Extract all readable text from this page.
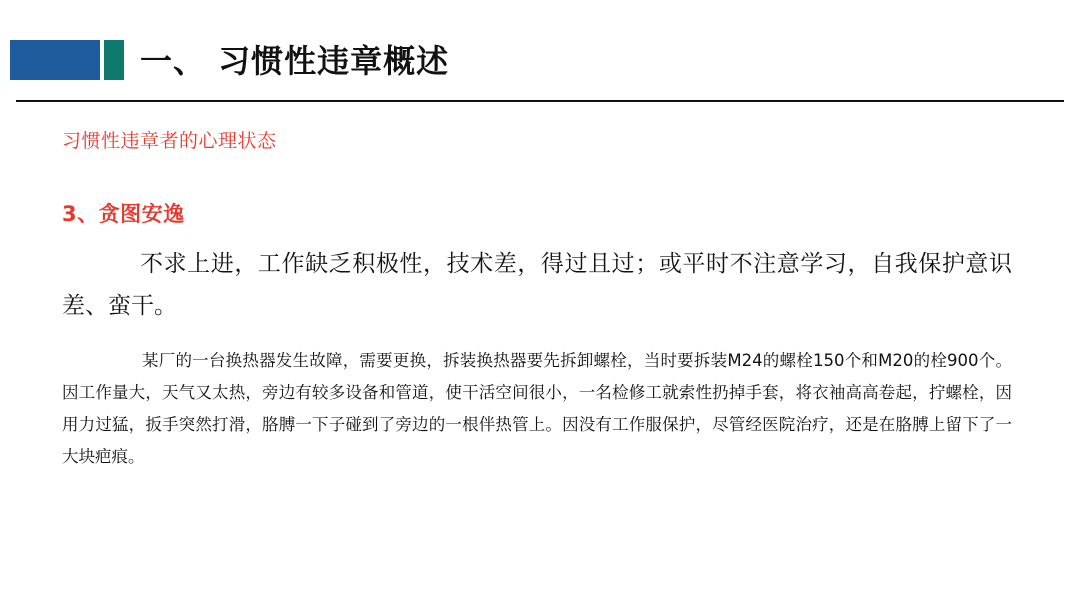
一、 习惯性违章概述
习惯性违章者的心理状态
3、贪图安逸
不求上进，工作缺乏积极性，技术差，得过且过；或平时不注意学习，自我保护意识差、蛮干。
某厂的一台换热器发生故障，需要更换，拆装换热器要先拆卸螺栓，当时要拆装M24的螺栓150个和M20的栓900个。因工作量大，天气又太热，旁边有较多设备和管道，使干活空间很小，一名检修工就索性扔掉手套，将衣袖高高卷起，拧螺栓，因用力过猛，扳手突然打滑，胳膊一下子碰到了旁边的一根伴热管上。因没有工作服保护，尽管经医院治疗，还是在胳膊上留下了一大块疤痕。
